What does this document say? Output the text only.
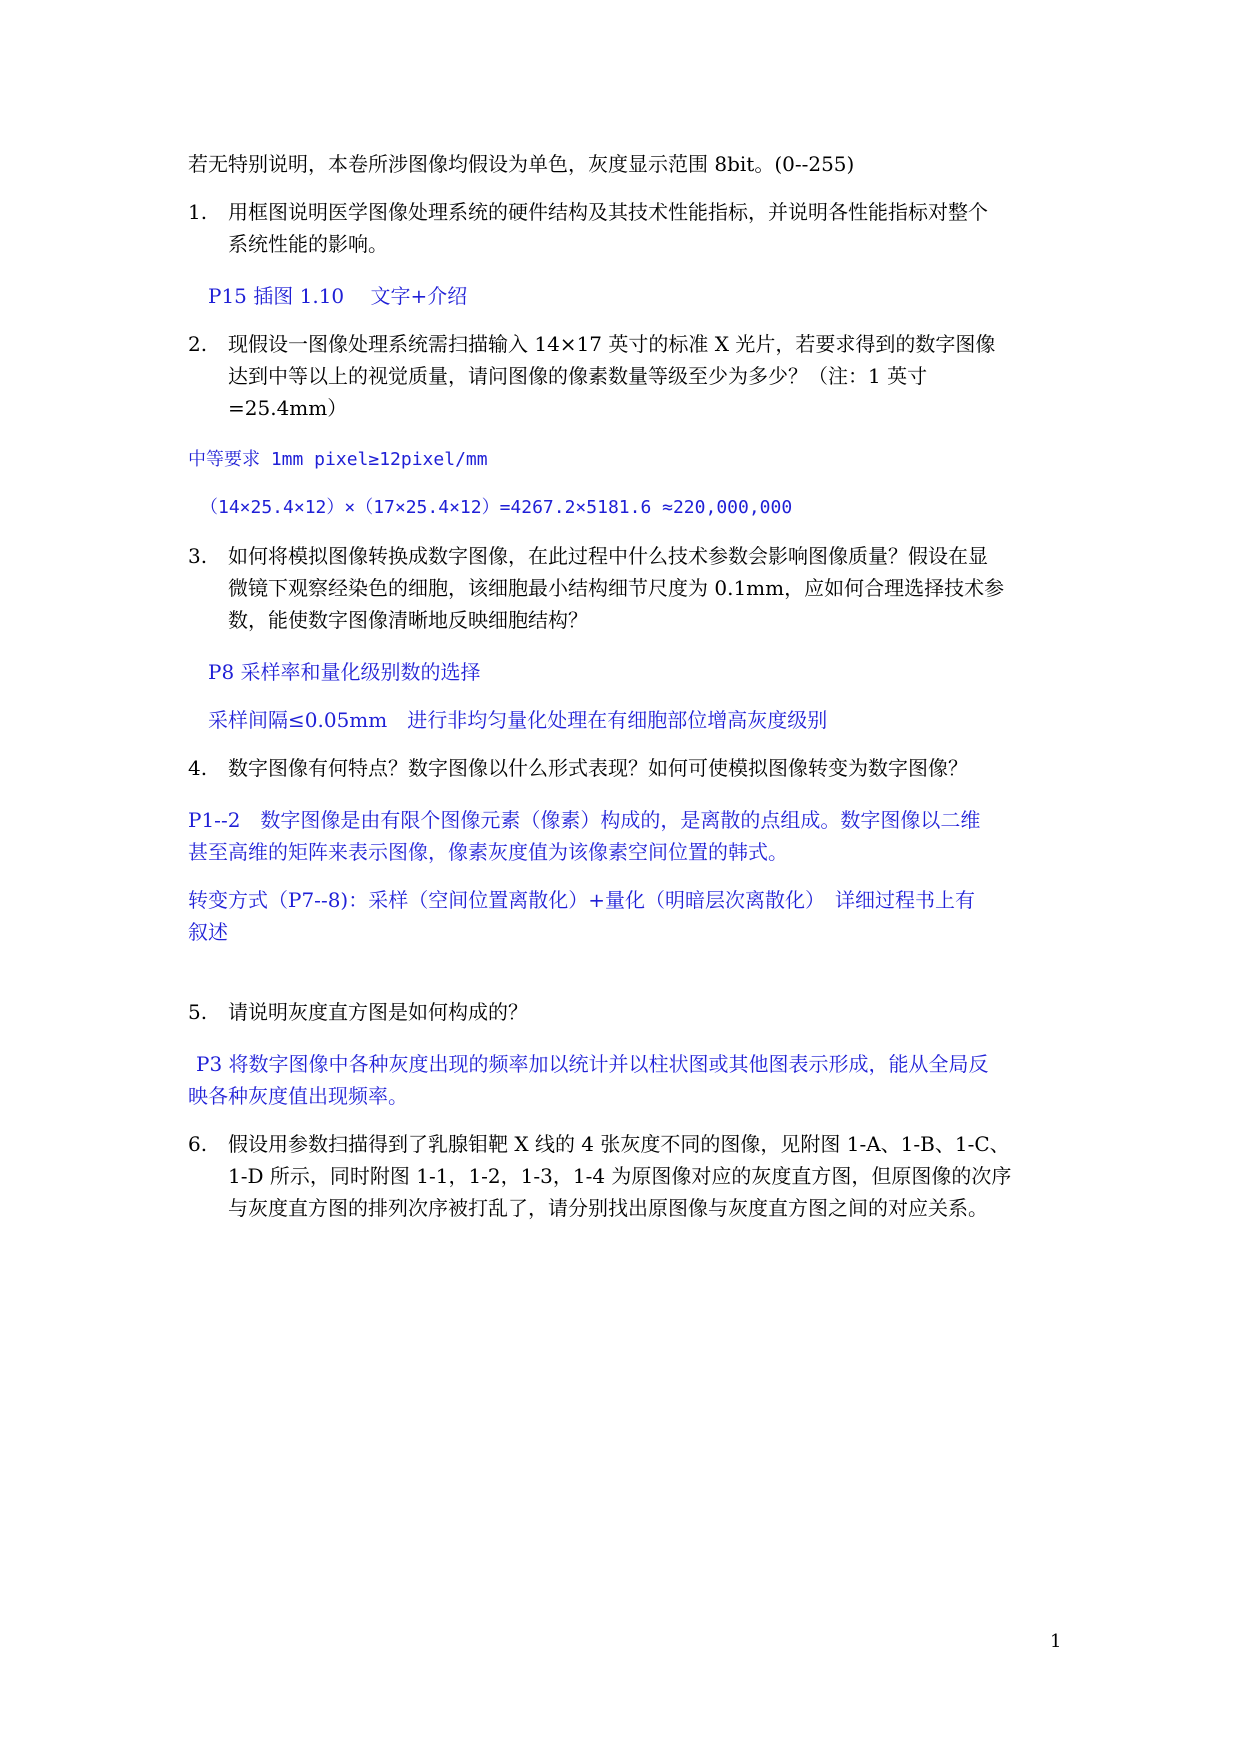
若无特别说明，本卷所涉图像均假设为单色，灰度显示范围 8bit。(0--255)
1. 用框图说明医学图像处理系统的硬件结构及其技术性能指标，并说明各性能指标对整个
系统性能的影响。
P15 插图 1.10　 文字+介绍
2. 现假设一图像处理系统需扫描输入 14×17 英寸的标准 X 光片，若要求得到的数字图像
达到中等以上的视觉质量，请问图像的像素数量等级至少为多少？（注：1 英寸
=25.4mm）
中等要求 1mm pixel≥12pixel/mm
（14×25.4×12）×（17×25.4×12）=4267.2×5181.6 ≈220,000,000
3. 如何将模拟图像转换成数字图像，在此过程中什么技术参数会影响图像质量？假设在显
微镜下观察经染色的细胞，该细胞最小结构细节尺度为 0.1mm，应如何合理选择技术参
数，能使数字图像清晰地反映细胞结构？
P8 采样率和量化级别数的选择
采样间隔≤0.05mm　进行非均匀量化处理在有细胞部位增高灰度级别
4. 数字图像有何特点？数字图像以什么形式表现？如何可使模拟图像转变为数字图像？
P1--2　数字图像是由有限个图像元素（像素）构成的，是离散的点组成。数字图像以二维
甚至高维的矩阵来表示图像，像素灰度值为该像素空间位置的韩式。
转变方式（P7--8)：采样（空间位置离散化）+量化（明暗层次离散化）　详细过程书上有
叙述
5. 请说明灰度直方图是如何构成的？
P3 将数字图像中各种灰度出现的频率加以统计并以柱状图或其他图表示形成，能从全局反
映各种灰度值出现频率。
6. 假设用参数扫描得到了乳腺钼靶 X 线的 4 张灰度不同的图像，见附图 1-A、1-B、1-C、
1-D 所示，同时附图 1-1，1-2，1-3，1-4 为原图像对应的灰度直方图，但原图像的次序
与灰度直方图的排列次序被打乱了，请分别找出原图像与灰度直方图之间的对应关系。
1
